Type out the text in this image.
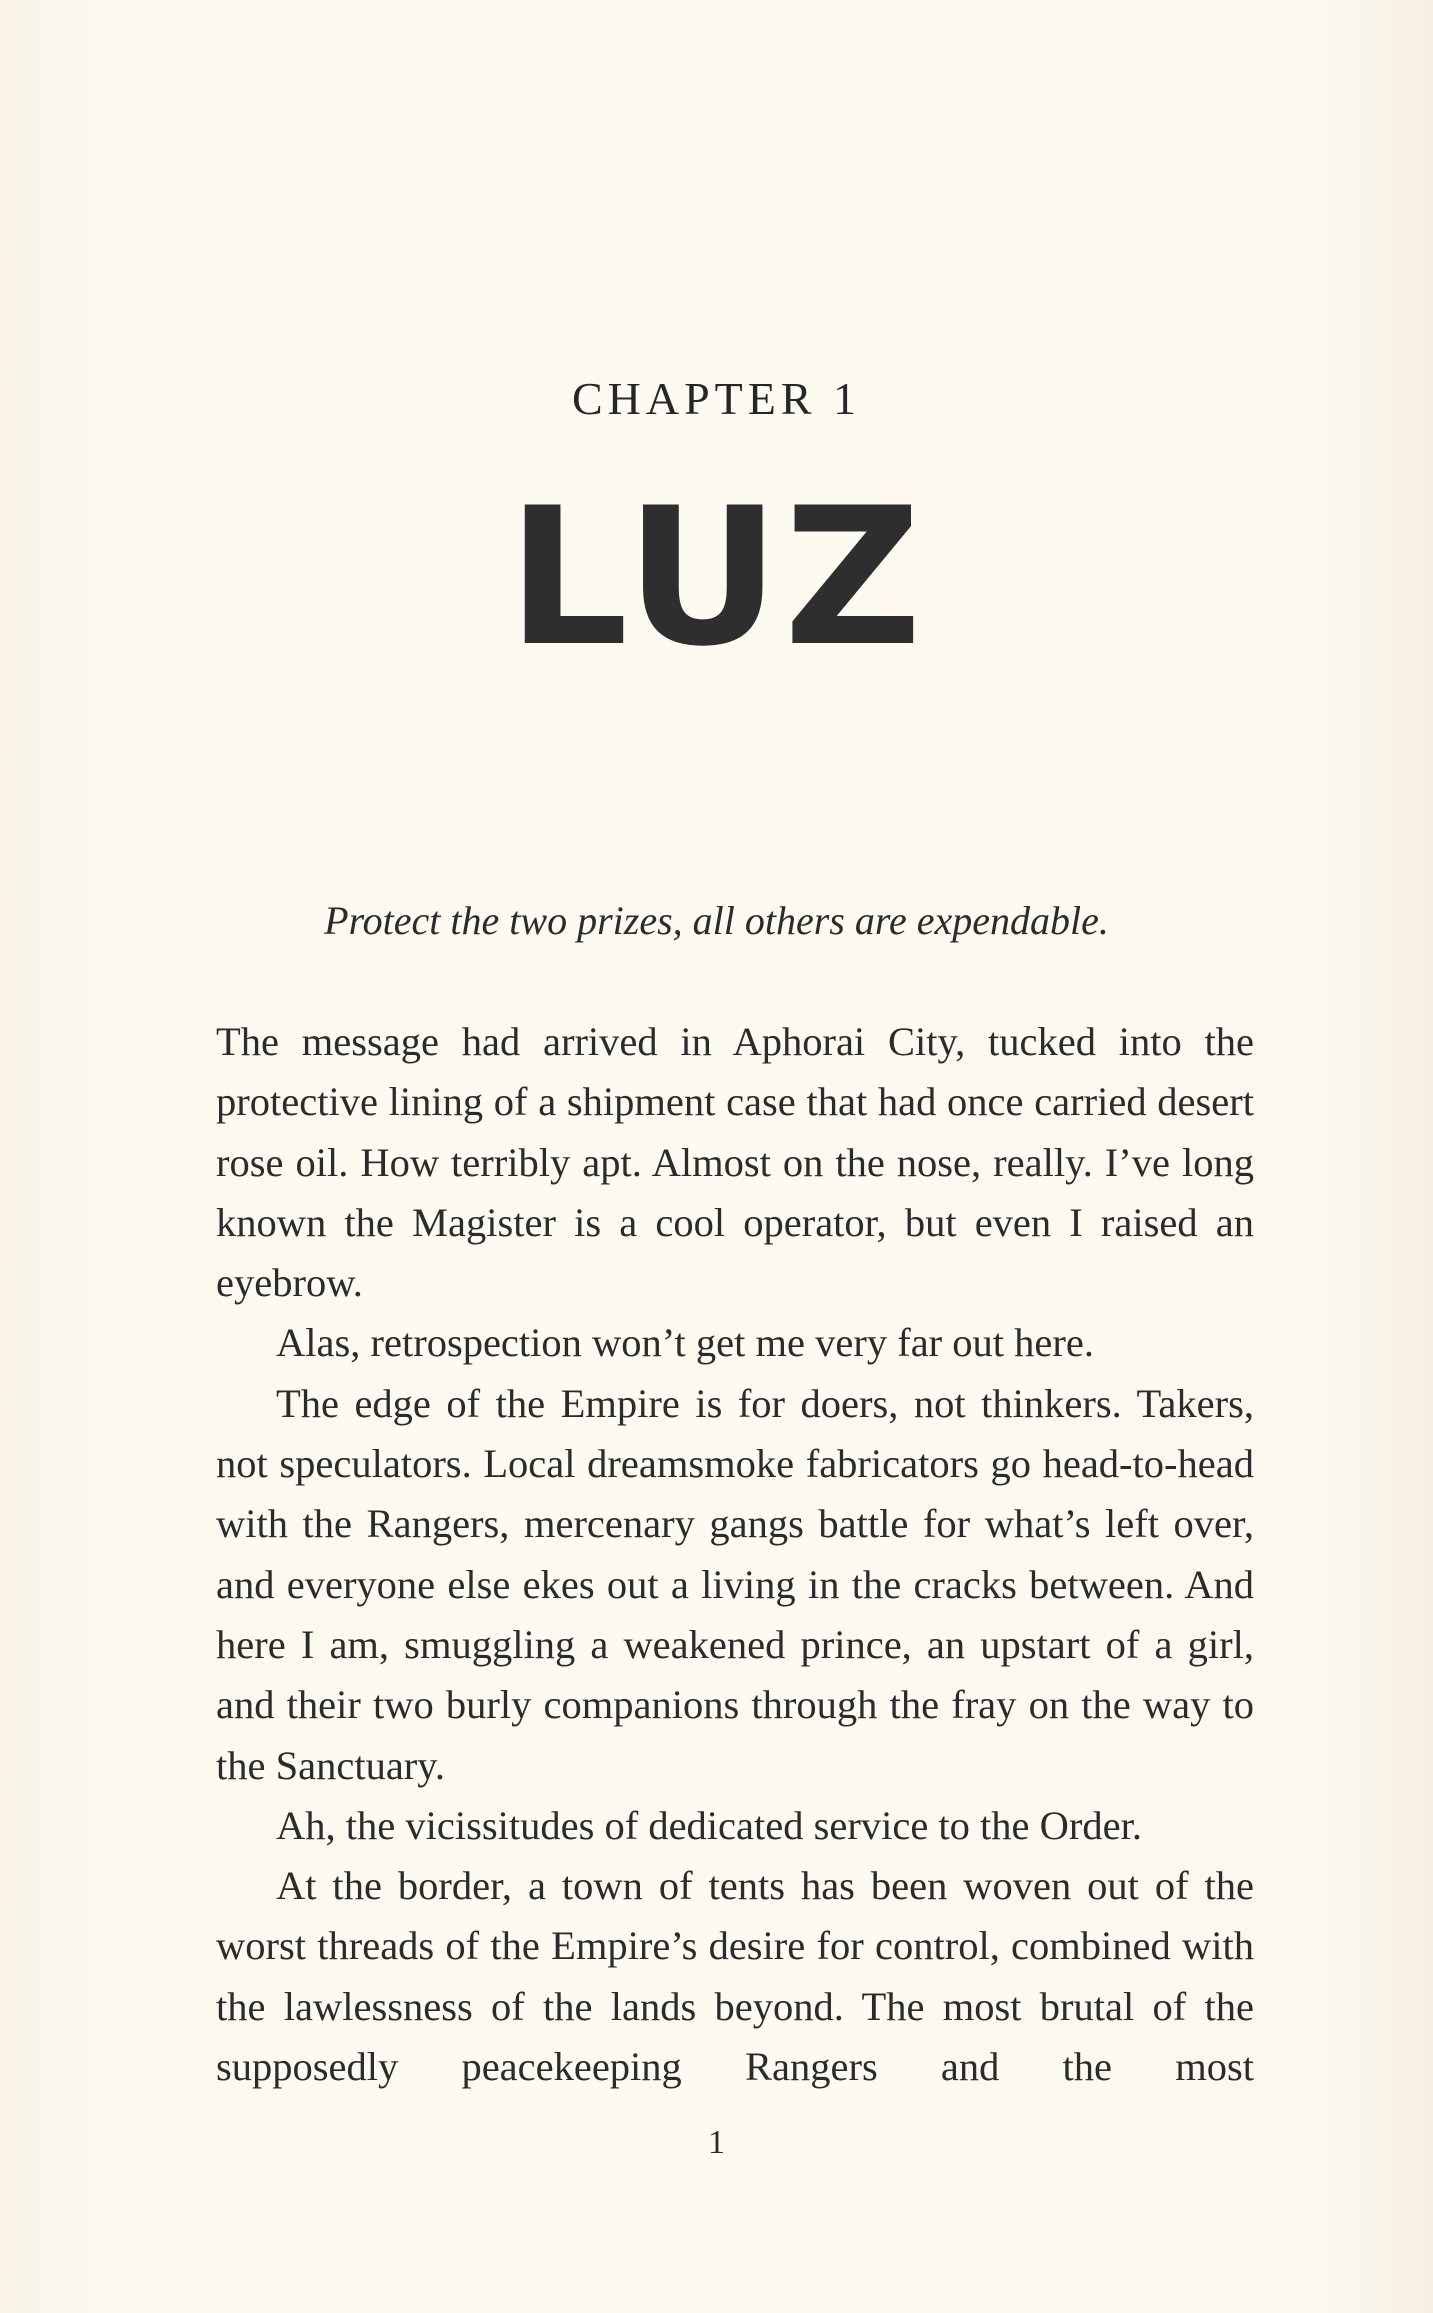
CHAPTER 1
LUZ
Protect the two prizes, all others are expendable.

The message had arrived in Aphorai City, tucked into the protective lining of a shipment case that had once carried desert rose oil. How terribly apt. Almost on the nose, really. I’ve long known the Magister is a cool operator, but even I raised an eyebrow.

Alas, retrospection won’t get me very far out here.

The edge of the Empire is for doers, not thinkers. Takers, not speculators. Local dreamsmoke fabricators go head-to-head with the Rangers, mercenary gangs battle for what’s left over, and everyone else ekes out a living in the cracks between. And here I am, smuggling a weakened prince, an upstart of a girl, and their two burly companions through the fray on the way to the Sanctuary.

Ah, the vicissitudes of dedicated service to the Order.

At the border, a town of tents has been woven out of the worst threads of the Empire’s desire for control, combined with the lawlessness of the lands beyond. The most brutal of the supposedly peacekeeping Rangers and the most

1
